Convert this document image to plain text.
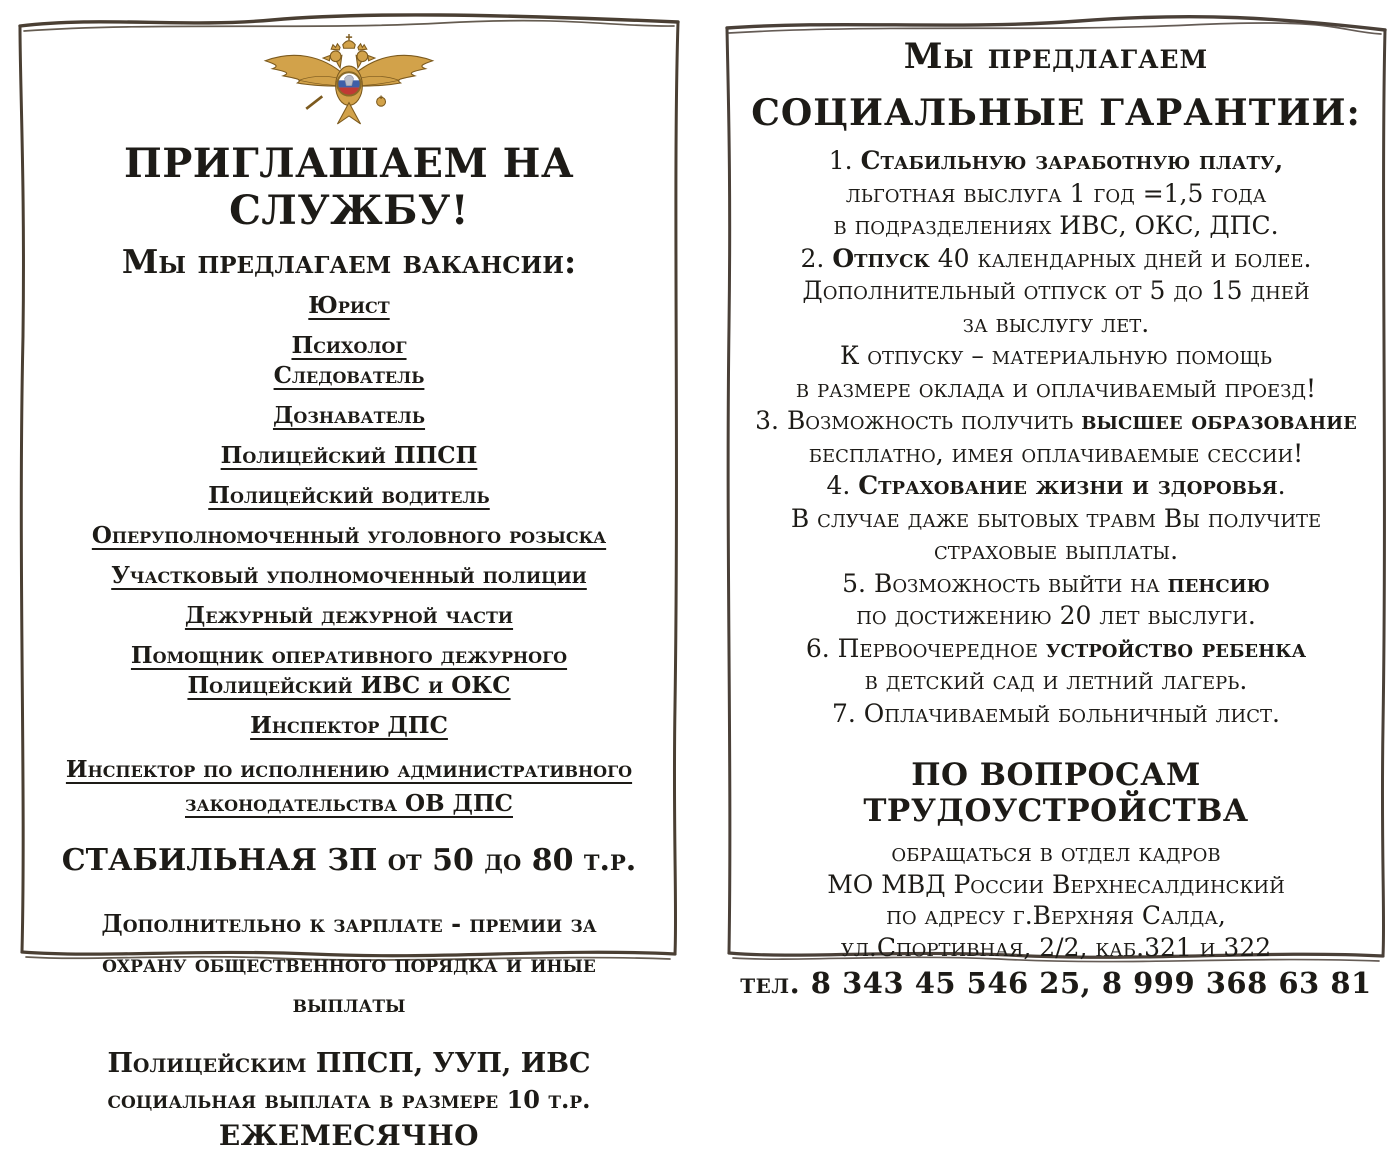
ПРИГЛАШАЕМ НА СЛУЖБУ!
Мы предлагаем вакансии:
Юрист
Психолог
Следователь
Дознаватель
Полицейский ППСП
Полицейский водитель
Оперуполномоченный уголовного розыска
Участковый уполномоченный полиции
Дежурный дежурной части
Помощник оперативного дежурного
Полицейский ИВС и ОКС
Инспектор ДПС
Инспектор по исполнению административного законодательства ОВ ДПС
СТАБИЛЬНАЯ ЗП от 50 до 80 т.р.
Дополнительно к зарплате - премии за охрану общественного порядка и иные выплаты
Полицейским ППСП, УУП, ИВС
социальная выплата в размере 10 т.р.
ЕЖЕМЕСЯЧНО
Мы предлагаем
СОЦИАЛЬНЫЕ ГАРАНТИИ:
1. Стабильную заработную плату,
льготная выслуга 1 год =1,5 года
в подразделениях ИВС, ОКС, ДПС.
2. Отпуск 40 календарных дней и более.
Дополнительный отпуск от 5 до 15 дней
за выслугу лет.
К отпуску – материальную помощь
в размере оклада и оплачиваемый проезд!
3. Возможность получить высшее образование
бесплатно, имея оплачиваемые сессии!
4. Страхование жизни и здоровья.
В случае даже бытовых травм Вы получите
страховые выплаты.
5. Возможность выйти на пенсию
по достижению 20 лет выслуги.
6. Первоочередное устройство ребенка
в детский сад и летний лагерь.
7. Оплачиваемый больничный лист.
ПО ВОПРОСАМ ТРУДОУСТРОЙСТВА
обращаться в отдел кадров
МО МВД России Верхнесалдинский
по адресу г.Верхняя Салда,
ул.Спортивная, 2/2, каб.321 и 322
тел. 8 343 45 546 25, 8 999 368 63 81
